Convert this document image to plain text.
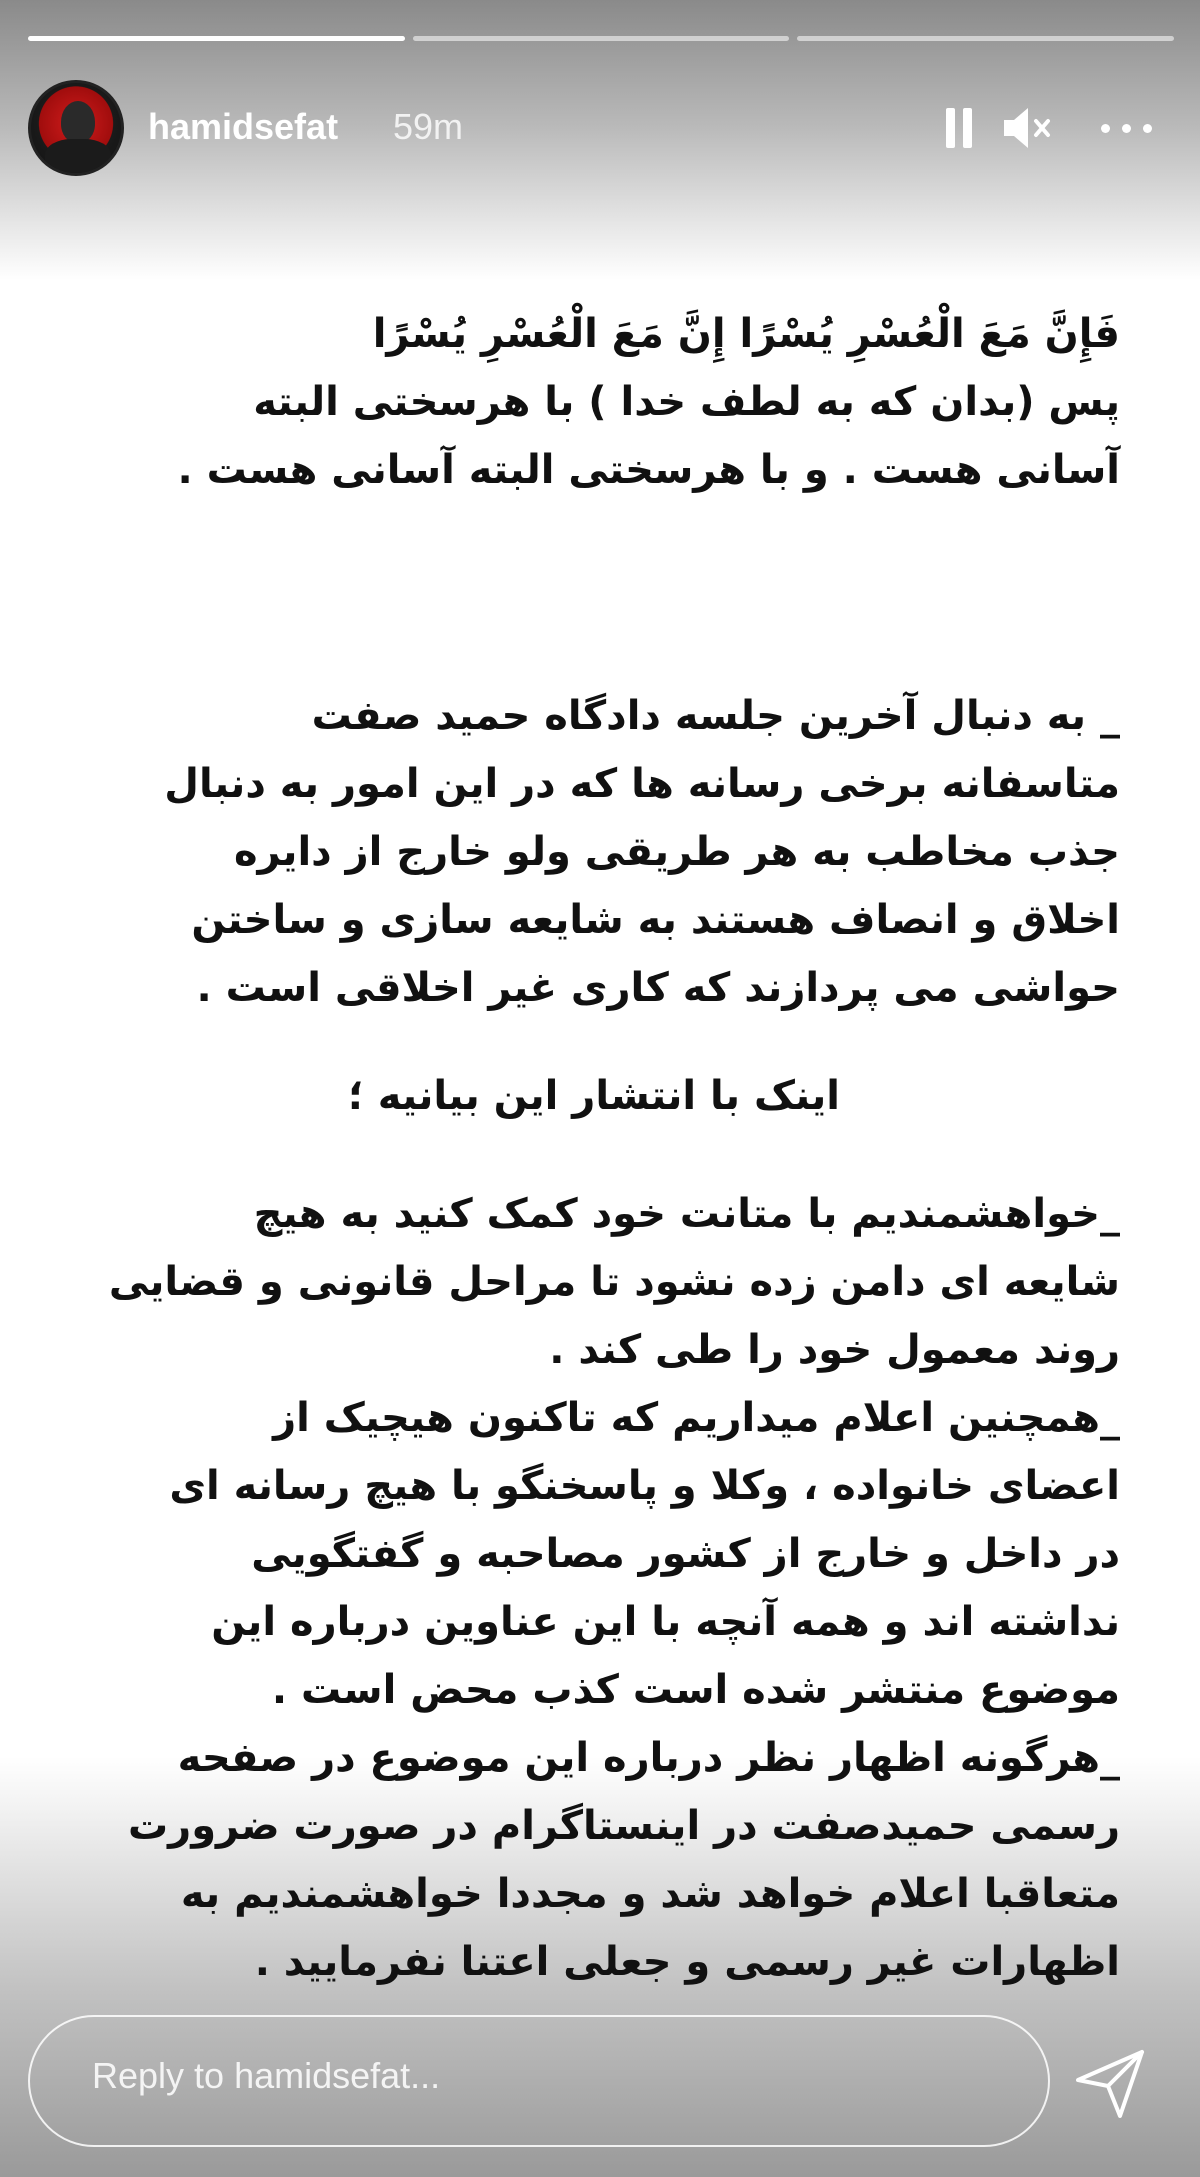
hamidsefat 59m
فَإِنَّ مَعَ الْعُسْرِ يُسْرًا إِنَّ مَعَ الْعُسْرِ يُسْرًا
پس (بدان که به لطف خدا ) با هرسختی البته
آسانی هست . و با هرسختی البته آسانی هست .
_ به دنبال آخرین جلسه دادگاه حمید صفت
متاسفانه برخی رسانه ها که در این امور به دنبال
جذب مخاطب به هر طریقی ولو خارج از دایره
اخلاق و انصاف هستند به شایعه سازی و ساختن
حواشی می پردازند که کاری غیر اخلاقی است .
اینک با انتشار این بیانیه ؛
_خواهشمندیم با متانت خود کمک کنید به هیچ
شایعه ای دامن زده نشود تا مراحل قانونی و قضایی
روند معمول خود را طی کند .
_همچنین اعلام میداریم که تاکنون هیچیک از
اعضای خانواده ، وکلا و پاسخنگو با هیچ رسانه ای
در داخل و خارج از کشور مصاحبه و گفتگویی
نداشته اند و همه آنچه با این عناوین درباره این
موضوع منتشر شده است کذب محض است .
_هرگونه اظهار نظر درباره این موضوع در صفحه
رسمی حمیدصفت در اینستاگرام در صورت ضرورت
متعاقبا اعلام خواهد شد و مجددا خواهشمندیم به
اظهارات غیر رسمی و جعلی اعتنا نفرمایید .
Reply to hamidsefat...
